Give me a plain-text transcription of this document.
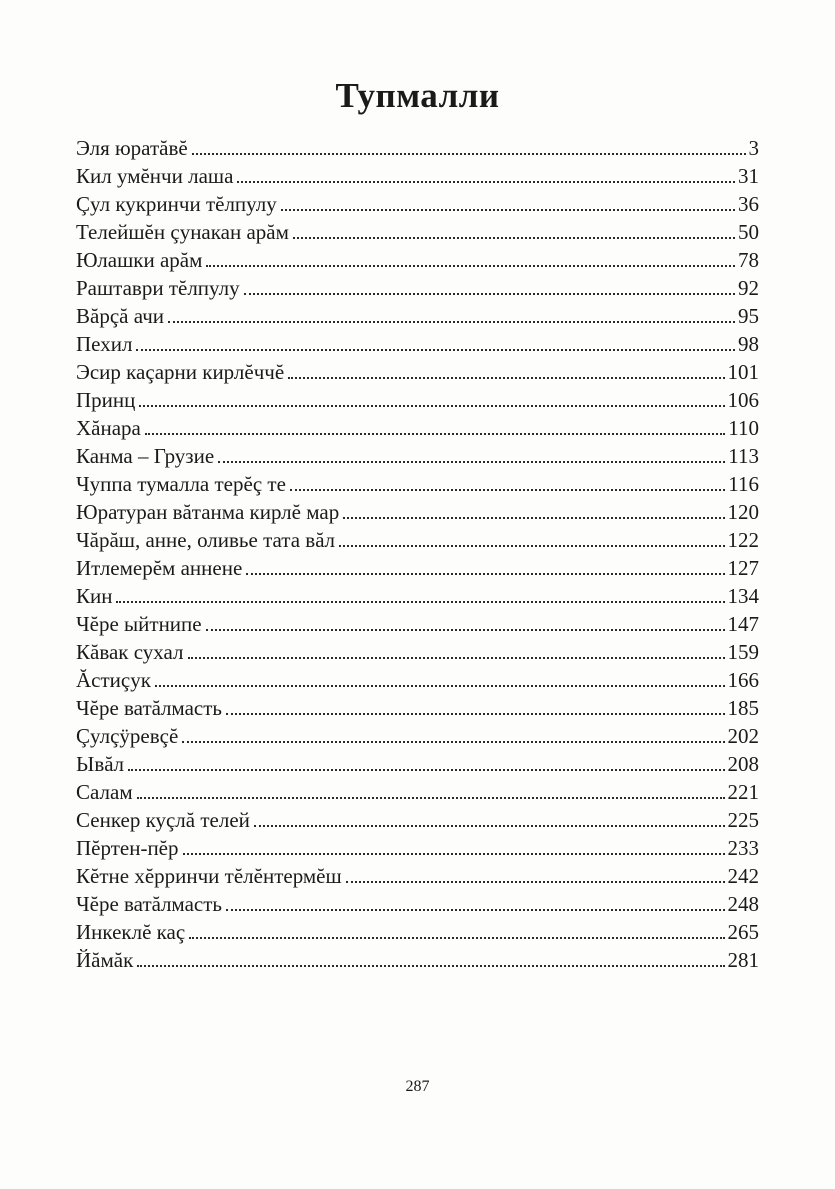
Тупмалли
Эля юратăвĕ	3
Кил умĕнчи лаша	31
Çул кукринчи тĕлпулу	36
Телейшĕн çунакан арăм	50
Юлашки арăм	78
Раштаври тĕлпулу	92
Вăрçă ачи	95
Пехил	98
Эсир каçарни кирлĕччĕ	101
Принц	106
Хăнара	110
Канма – Грузие	113
Чуппа тумалла терĕç те	116
Юратуран вăтанма кирлĕ мар	120
Чăрăш, анне, оливье тата вăл	122
Итлемерĕм аннене	127
Кин	134
Чĕре ыйтнипе	147
Кăвак сухал	159
Ăстиçук	166
Чĕре ватăлмасть	185
Çулçÿревçĕ	202
Ывăл	208
Салам	221
Сенкер куçлă телей	225
Пĕртен-пĕр	233
Кĕтне хĕрринчи тĕлĕнтермĕш	242
Чĕре ватăлмасть	248
Инкеклĕ каç	265
Йăмăк	281
287
